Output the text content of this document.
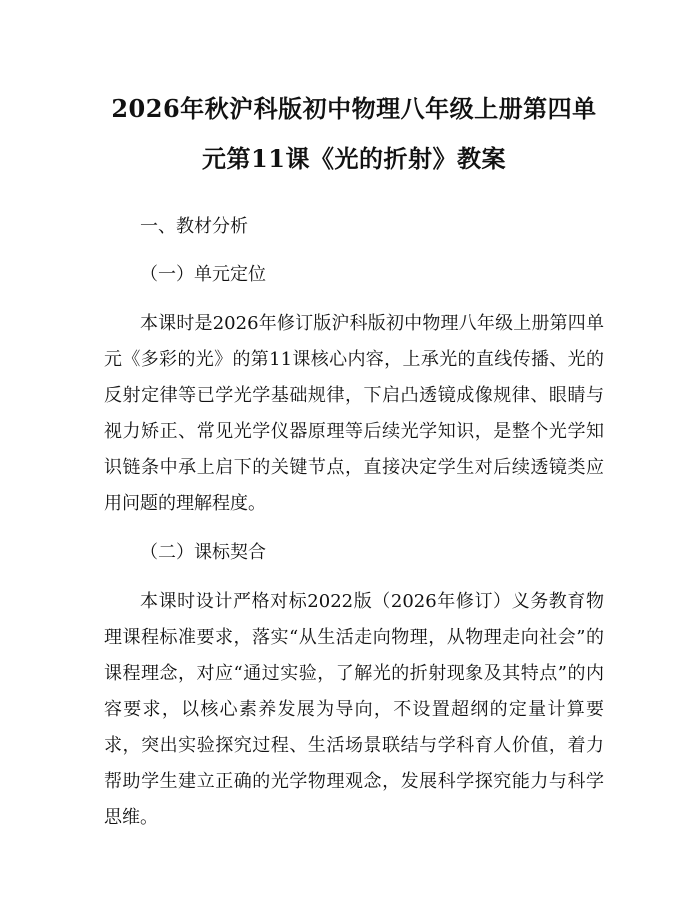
2026年秋沪科版初中物理八年级上册第四单元第11课《光的折射》教案
一、教材分析
（一）单元定位

本课时是2026年修订版沪科版初中物理八年级上册第四单元《多彩的光》的第11课核心内容，上承光的直线传播、光的反射定律等已学光学基础规律，下启凸透镜成像规律、眼睛与视力矫正、常见光学仪器原理等后续光学知识，是整个光学知识链条中承上启下的关键节点，直接决定学生对后续透镜类应用问题的理解程度。

（二）课标契合

本课时设计严格对标2022版（2026年修订）义务教育物理课程标准要求，落实“从生活走向物理，从物理走向社会”的课程理念，对应“通过实验，了解光的折射现象及其特点”的内容要求，以核心素养发展为导向，不设置超纲的定量计算要求，突出实验探究过程、生活场景联结与学科育人价值，着力帮助学生建立正确的光学物理观念，发展科学探究能力与科学思维。
